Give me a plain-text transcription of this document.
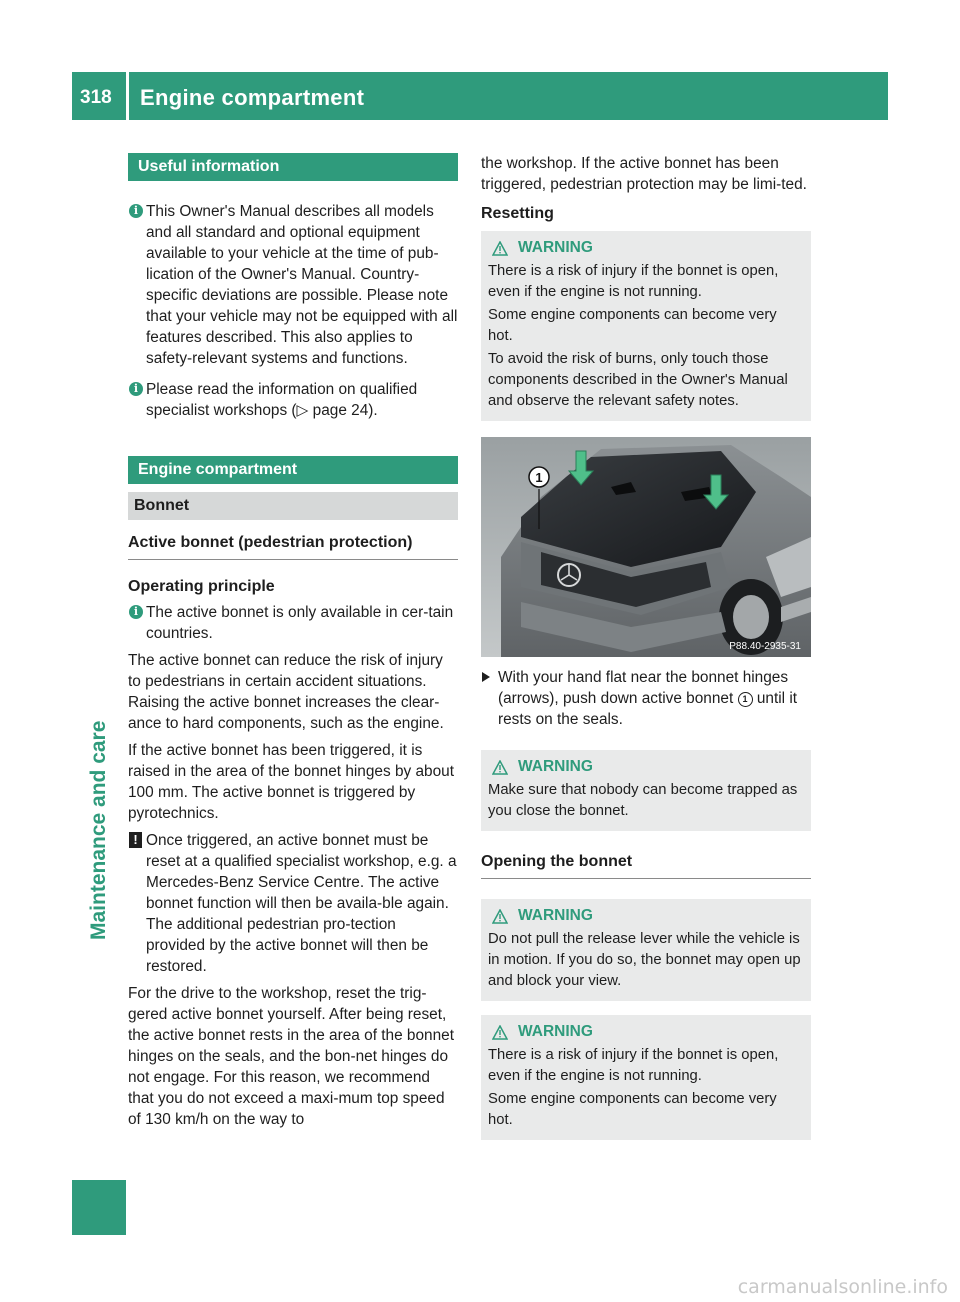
318	Engine compartment
Maintenance and care
Useful information
i

This Owner's Manual describes all models and all standard and optional equipment available to your vehicle at the time of pub-lication of the Owner's Manual. Country-specific deviations are possible. Please note that your vehicle may not be equipped with all features described. This also applies to safety-relevant systems and functions.

i

Please read the information on qualified specialist workshops (▷ page 24).

Engine compartment
Bonnet
Active bonnet (pedestrian protection)
Operating principle
i

The active bonnet is only available in cer-tain countries.

The active bonnet can reduce the risk of injury to pedestrians in certain accident situations. Raising the active bonnet increases the clear-ance to hard components, such as the engine.

If the active bonnet has been triggered, it is raised in the area of the bonnet hinges by about 100 mm. The active bonnet is triggered by pyrotechnics.

!

Once triggered, an active bonnet must be reset at a qualified specialist workshop, e.g. a Mercedes-Benz Service Centre. The active bonnet function will then be availa-ble again. The additional pedestrian pro-tection provided by the active bonnet will then be restored.

For the drive to the workshop, reset the trig-gered active bonnet yourself. After being reset, the active bonnet rests in the area of the bonnet hinges on the seals, and the bon-net hinges do not engage. For this reason, we recommend that you do not exceed a maxi-mum top speed of 130 km/h on the way to

the workshop. If the active bonnet has been triggered, pedestrian protection may be limi-ted.

Resetting
WARNING

There is a risk of injury if the bonnet is open, even if the engine is not running.

Some engine components can become very hot.

To avoid the risk of burns, only touch those components described in the Owner's Manual and observe the relevant safety notes.

1
P88.40-2935-31

With your hand flat near the bonnet hinges (arrows), push down active bonnet 1 until it rests on the seals.

WARNING

Make sure that nobody can become trapped as you close the bonnet.

Opening the bonnet
WARNING

Do not pull the release lever while the vehicle is in motion. If you do so, the bonnet may open up and block your view.

WARNING

There is a risk of injury if the bonnet is open, even if the engine is not running.

Some engine components can become very hot.

carmanualsonline.info
